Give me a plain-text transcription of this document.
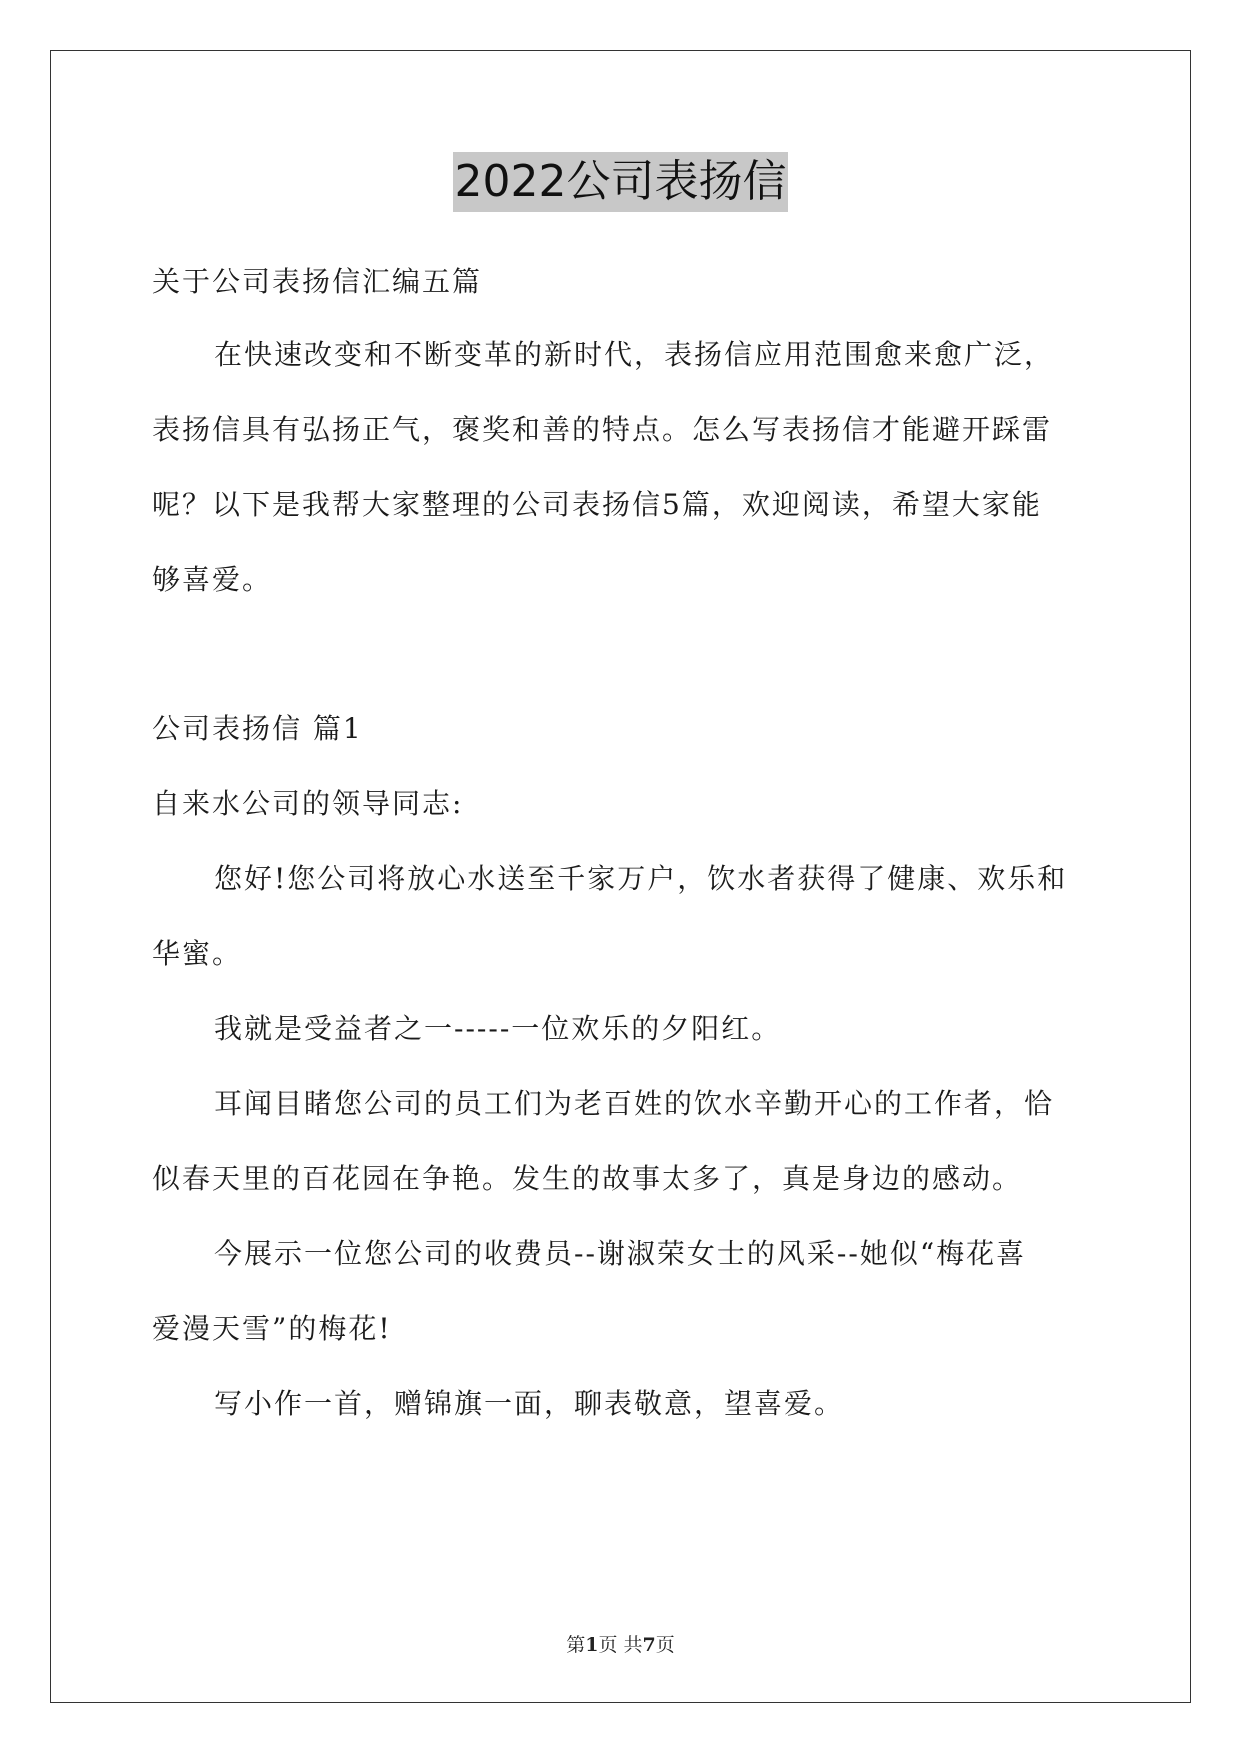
2022公司表扬信
关于公司表扬信汇编五篇
在快速改变和不断变革的新时代，表扬信应用范围愈来愈广泛，
表扬信具有弘扬正气，褒奖和善的特点。怎么写表扬信才能避开踩雷
呢？以下是我帮大家整理的公司表扬信5篇，欢迎阅读，希望大家能
够喜爱。
公司表扬信 篇1
自来水公司的领导同志:
您好!您公司将放心水送至千家万户，饮水者获得了健康、欢乐和
华蜜。
我就是受益者之一-----一位欢乐的夕阳红。
耳闻目睹您公司的员工们为老百姓的饮水辛勤开心的工作者，恰
似春天里的百花园在争艳。发生的故事太多了，真是身边的感动。
今展示一位您公司的收费员--谢淑荣女士的风采--她似“梅花喜
爱漫天雪”的梅花!
写小作一首，赠锦旗一面，聊表敬意，望喜爱。
第1页 共7页
